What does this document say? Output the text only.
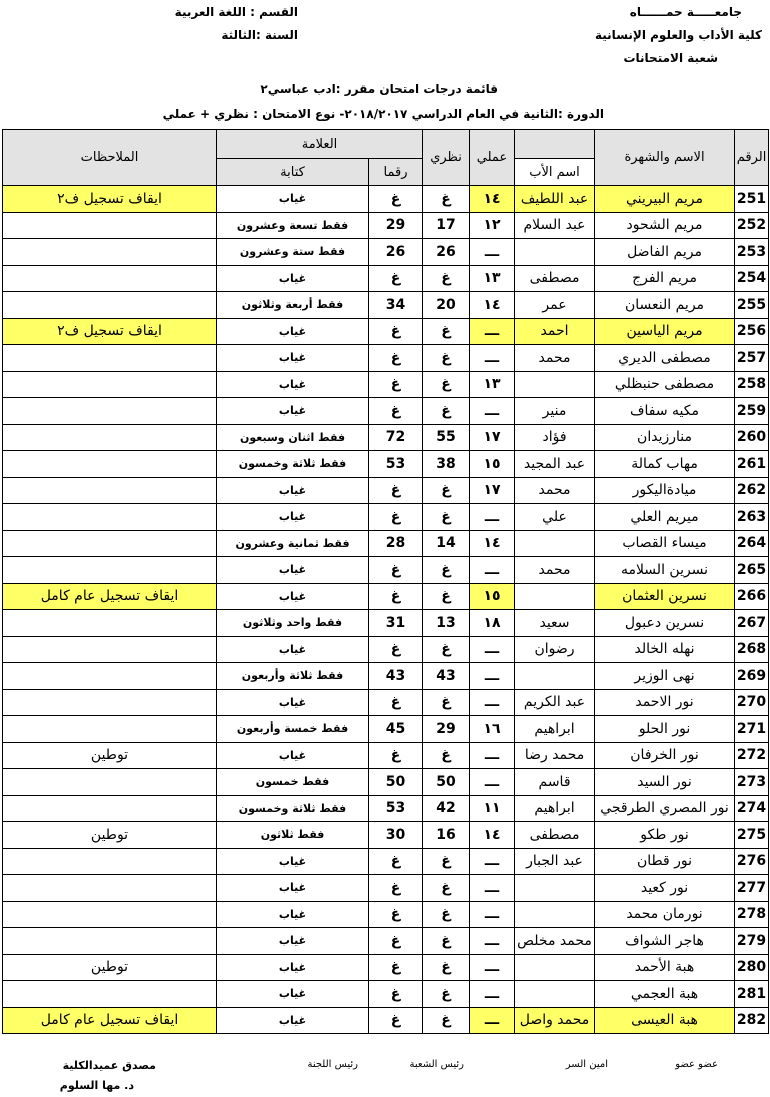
جامعـــــة حمــــــاه
كلية الأداب والعلوم الإنسانية
شعبة الامتحانات
القسم : اللغة العربية
السنة :الثالثة
قائمة درجات امتحان مقرر :ادب عباسي٢
الدورة :الثانية في العام الدراسي ٢٠١٨/٢٠١٧- نوع الامتحان : نظري + عملي
الرقم	الاسم والشهرة		عملي	نظري	العلامة		الملاحظات
		اسم الأب			رقما	كتابة	
251	مريم البيريني	عبد اللطيف	١٤	غ	غ	غياب	ايقاف تسجيل ف٢
252	مريم الشحود	عبد السلام	١٢	17	29	فقط تسعة وعشرون	
253	مريم الفاضل		ـــ	26	26	فقط ستة وعشرون	
254	مريم الفرج	مصطفى	١٣	غ	غ	غياب	
255	مريم النعسان	عمر	١٤	20	34	فقط أربعة وثلاثون	
256	مريم الياسين	احمد	ـــ	غ	غ	غياب	ايقاف تسجيل ف٢
257	مصطفى الديري	محمد	ـــ	غ	غ	غياب	
258	مصطفى حنبظلي		١٣	غ	غ	غياب	
259	مكيه سفاف	منير	ـــ	غ	غ	غياب	
260	منارزيدان	فؤاد	١٧	55	72	فقط اثنان وسبعون	
261	مهاب كمالة	عبد المجيد	١٥	38	53	فقط ثلاثة وخمسون	
262	ميادةاليكور	محمد	١٧	غ	غ	غياب	
263	ميريم العلي	علي	ـــ	غ	غ	غياب	
264	ميساء القصاب		١٤	14	28	فقط ثمانية وعشرون	
265	نسرين السلامه	محمد	ـــ	غ	غ	غياب	
266	نسرين العثمان		١٥	غ	غ	غياب	ايقاف تسجيل عام كامل
267	نسرين دعبول	سعيد	١٨	13	31	فقط واحد وثلاثون	
268	نهله الخالد	رضوان	ـــ	غ	غ	غياب	
269	نهى الوزير		ـــ	43	43	فقط ثلاثة وأربعون	
270	نور الاحمد	عبد الكريم	ـــ	غ	غ	غياب	
271	نور الحلو	ابراهيم	١٦	29	45	فقط خمسة وأربعون	
272	نور الخرفان	محمد رضا	ـــ	غ	غ	غياب	توطين
273	نور السيد	قاسم	ـــ	50	50	فقط خمسون	
274	نور المصري الطرقجي	ابراهيم	١١	42	53	فقط ثلاثة وخمسون	
275	نور طكو	مصطفى	١٤	16	30	فقط ثلاثون	توطين
276	نور قطان	عبد الجبار	ـــ	غ	غ	غياب	
277	نور كعيد		ـــ	غ	غ	غياب	
278	نورمان محمد		ـــ	غ	غ	غياب	
279	هاجر الشواف	محمد مخلص	ـــ	غ	غ	غياب	
280	هبة الأحمد		ـــ	غ	غ	غياب	توطين
281	هبة العجمي		ـــ	غ	غ	غياب	
282	هبة العيسى	محمد واصل	ـــ	غ	غ	غياب	ايقاف تسجيل عام كامل
عضو عضو
امين السر
رئيس الشعبة
رئيس اللجنة
مصدق عميدالكلية
د. مها السلوم
